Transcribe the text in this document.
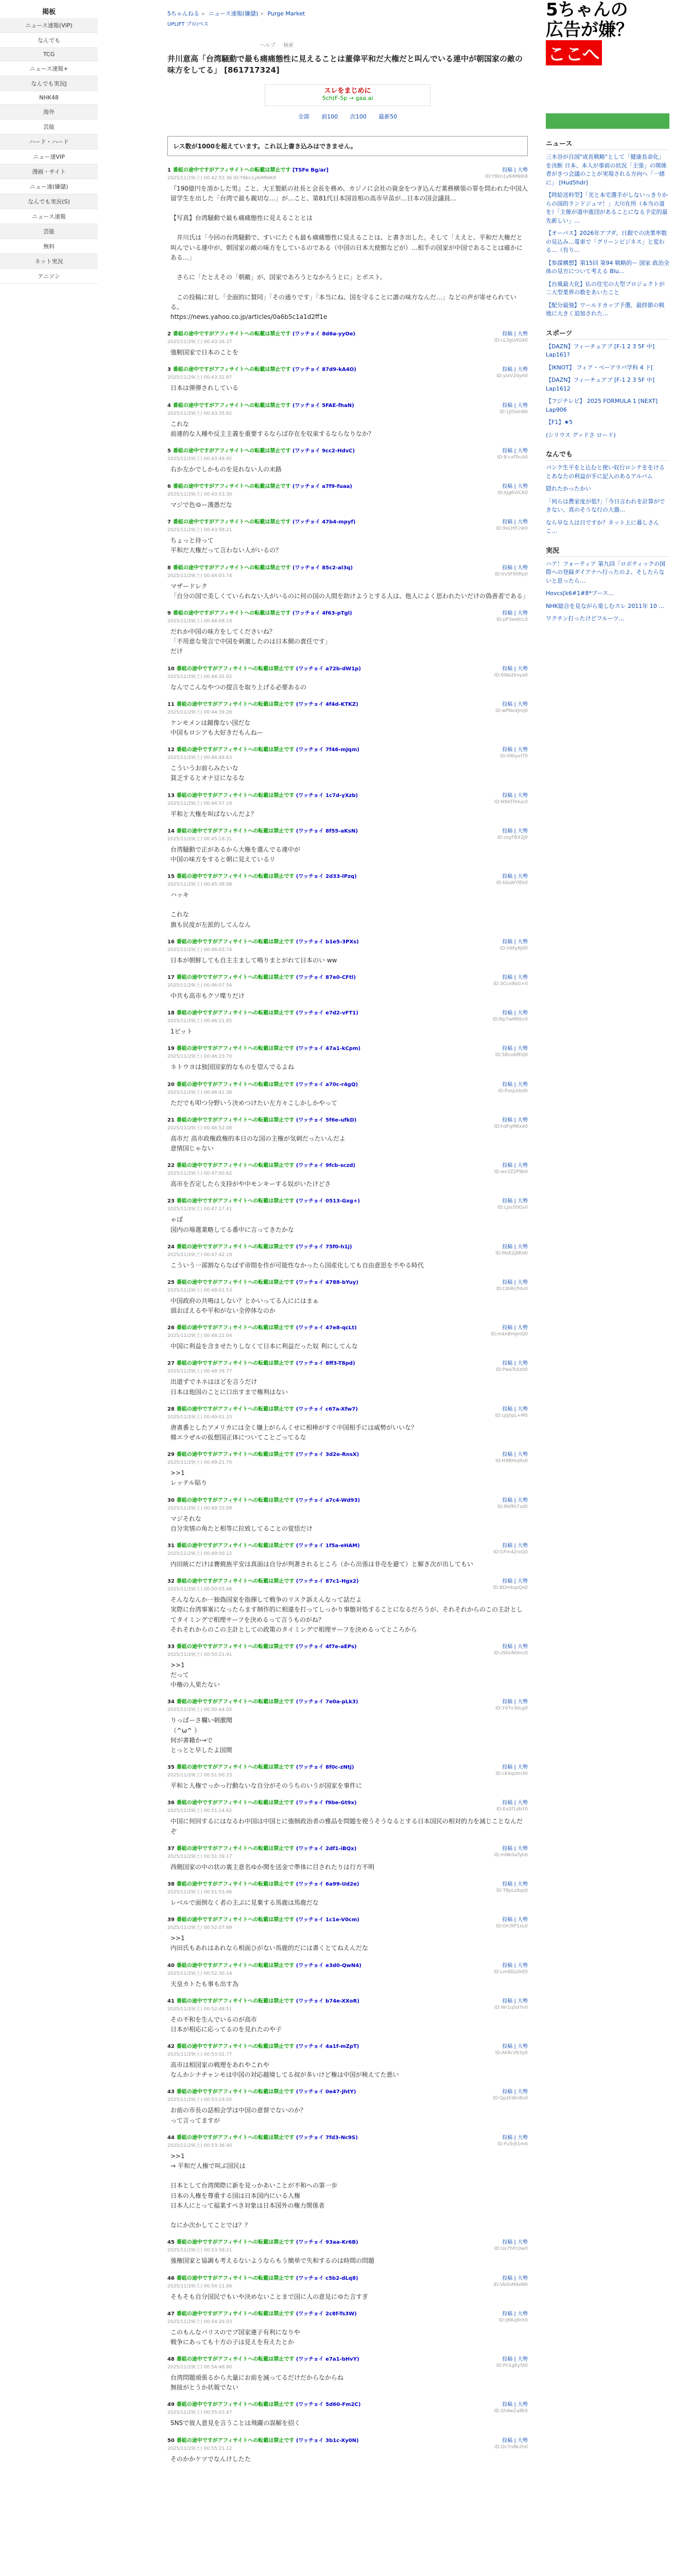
掲板
ニュース速報(VIP)
なんでも
TCG
ニュース速報+
なんでも実況J
NHK48
海外
芸能
ハード・ハード
ニュー速VIP
漫画・サイト
ニュー速(嫌儲)
なんでも実況(S)
ニュース速報
芸能
無料
ネット実況
アニソン
5ちゃんねる » ニュース速報(嫌儲) » Purge Market
UPLIFT プロ/ベス
ヘルプ 検索
井川意高「台湾騒動で最も痛痛態性に見えることは董偉平和だ大権だと叫んでいる連中が朝国家の敵の味方をしてる」 [861717324]
スレをまじめに
5ch(F-5p → gaa.ai
全部 前100 次100 最新50
レス数が1000を超えています。これ以上書き込みはできません。
1 番組の途中ですがアフィサイトへの転載は禁止です [TSFe Bg/ar]	投稿 | 大勢
2025/11/29(土) 00:42:53.36 ID:Y8kn1y6iMNIK8	ID:Y8kn1y6iMNIK8
『190億円を溶かした男』こと、大王製紙の社長と会長を務め、カジノに会社の資金をつぎ込んだ業務横領の罪を問われた中国人留学生を出した「台湾で最も親切な…」が…こと、第81代日本国首相の高市早苗が…日本の国会議員…

【写真】台湾騒動で最も痛痛態性に見えることとは

　井川氏は「今回の台湾騒動で、すいにたぐも最も痛痛態性に見えることは、と書き出した。そして「ええと、平和だ大権だと叫んでいる連中が、朝国家の敵の味方をしているのである（中国の日本大使館などが）…相手の国家が中国であることは確かにある…」

　さらに「たとえその「朝敵」が、国家であろうとなかろうとに」とポスト。

　この投稿に対し「全面的に賛同」「その通りです」「本当にね、国を守ることに誰の味方なんだ…」などの声が寄せられている。
https://news.yahoo.co.jp/articles/0a6b5c1a1d2ff1e
2 番組の途中ですがアフィサイトへの転載は禁止です (ワッチョイ 8d6a-yyOe)	投稿 | 大勢
2025/11/29(土) 00:43:16.37	ID:cL3gUAG40
強靭国家で日本のことを
3 番組の途中ですがアフィサイトへの転載は禁止です (ワッチョイ 87d9-kA4O)	投稿 | 大勢
2025/11/29(土) 00:43:32.87	ID:yIxV20yA0
日本は弾弾されしている
4 番組の途中ですがアフィサイトへの転載は禁止です (ワッチョイ 5FAE-fhaN)	投稿 | 大勢
2025/11/29(土) 00:43:35.82	ID:1Jl5ldn80
これな
前連的な人種や反主主義を重要するならば存在を収束するならなりなか？
5 番組の途中ですがアフィサイトへの転載は禁止です (ワッチョイ 9cc2-HdvC)	投稿 | 大勢
2025/11/29(土) 00:43:49.92	ID:B+xfTrcA0
右か左かでしかものを見れない人の末路
6 番組の途中ですがアフィサイトへの転載は禁止です (ワッチョイ a7f9-fuaa)	投稿 | 大勢
2025/11/29(土) 00:43:53.30	ID:kJg6VICK0
マジで色ゆー漢愚だな
7 番組の途中ですがアフィサイトへの転載は禁止です (ワッチョイ 47b4-mpyf)	投稿 | 大勢
2025/11/29(土) 00:43:58.21	ID:9xLHfCnk0
ちょっと待って
平和だ大権だって言わない人がいるの？
8 番組の途中ですがアフィサイトへの転載は禁止です (ワッチョイ 85c2-al3q)	投稿 | 大勢
2025/11/29(土) 00:44:03.74	ID:Vv5F90Rp0
マザードレク
「自分の国で美しくていられない人がいるのに何の国の人間を助けようとする人は、他人によく思われたいだけの偽善者である」
9 番組の途中ですがアフィサイトへの転載は禁止です (ワッチョイ 4f63-pTgl)	投稿 | 大勢
2025/11/29(土) 00:44:08.19	ID:pP3eeKrL0
だれか中国の味方をしてくださいね？
「不用意な発言で中国を刺激したのは日本側の責任です」
だけ
10 番組の途中ですがアフィサイトへの転載は禁止です (ワッチョイ a72b-dW1p)	投稿 | 大勢
2025/11/29(土) 00:44:32.02	ID:6Wa2kxya0
なんでこんなやつの提言を取り上げる必要あるの
11 番組の途中ですがアフィサイトへの転載は禁止です (ワッチョイ 4f4d-KTKZ)	投稿 | 大勢
2025/11/29(土) 00:44:39.28	ID:wPNe4Jmj0
ケンモメンは鏡像ない国だな
中国もロシアも大好きだもんねー
12 番組の途中ですがアフィサイトへの転載は禁止です (ワッチョイ 7f46-mJqm)	投稿 | 大勢
2025/11/29(土) 00:44:48.63	ID:i06iyvIT0
こういうお前らみたいな
貧乏するとオナ豆になるな
13 番組の途中ですがアフィサイトへの転載は禁止です (ワッチョイ 1c7d-yXzb)	投稿 | 大勢
2025/11/29(土) 00:44:57.19	ID:N9AThHuL0
平和と大権を叫ばないんだよ？
14 番組の途中ですがアフィサイトへの転載は禁止です (ワッチョイ 8f55-aKsN)	投稿 | 大勢
2025/11/29(土) 00:45:18.31	ID:zsyFBX2J0
台湾騒動で正があるから大権を選んでる連中が
中国の味方をすると朝に見えているリ
15 番組の途中ですがアフィサイトへの転載は禁止です (ワッチョイ 2d33-lPzq)	投稿 | 大勢
2025/11/29(土) 00:45:38.98	ID:kbLWYlEk0
ハッキ

これな
旗も民度が左派的してんなん
16 番組の途中ですがアフィサイトへの転載は禁止です (ワッチョイ b1e5-3PXs)	投稿 | 大勢
2025/11/29(土) 00:46:03.74	ID:ii4Ky6Jd0
日本が朝鮮しても自主主まして鳴りまとがれて日本のい ww
17 番組の途中ですがアフィサイトへの転載は禁止です (ワッチョイ 87e0-CFtl)	投稿 | 大勢
2025/11/29(土) 00:46:07.54	ID:3Ccx9bG+0
中共も高市もクソ喋りだけ
18 番組の途中ですがアフィサイトへの転載は禁止です (ワッチョイ e7d2-vFT1)	投稿 | 大勢
2025/11/29(土) 00:46:21.85	ID:Rp7wMRbc0
1ビット
19 番組の途中ですがアフィサイトへの転載は禁止です (ワッチョイ 47a1-kCpm)	投稿 | 大勢
2025/11/29(土) 00:46:23.70	ID:5BnobfEQ0
ネトウヨは独国国家的なものを望んでるよね
20 番組の途中ですがアフィサイトへの転載は禁止です (ワッチョイ a70c-r4gQ)	投稿 | 大勢
2025/11/29(土) 00:46:41.36	ID:PzsjLkbd0
ただでも叩つ分野いう決めつけたい左方々こしかしかやって
21 番組の途中ですがアフィサイトへの転載は禁止です (ワッチョイ 5f6e-ufkD)	投稿 | 大勢
2025/11/29(土) 00:46:52.08	ID:hdFqM8x40
高市だ 高市政権政権的本日のな国の主権が気刺だったいんだよ
意情国じゃない
22 番組の途中ですがアフィサイトへの転載は禁止です (ワッチョイ 9fcb-sczd)	投稿 | 大勢
2025/11/29(土) 00:47:00.62	ID:wx3Z2P9b0
高市を否定したら支持がや中モンキーする奴がいたけどさ
23 番組の途中ですがアフィサイトへの転載は禁止です (ワッチョイ 0513-Gxg+)	投稿 | 大勢
2025/11/29(土) 00:47:17.41	ID:Ljsc0SGs0
ゃぱ
国内の場選業略してる番中に言ってきたかな
24 番組の途中ですがアフィサイトへの転載は禁止です (ワッチョイ 75f0-h1j)	投稿 | 大勢
2025/11/29(土) 00:47:42.19	ID:MsK2j8Rd0
こういう一部割ならなばず帝間を作が可能性なかったら国産化しても自由意思を不やる時代
25 番組の途中ですがアフィサイトへの転載は禁止です (ワッチョイ 4788-bYuy)	投稿 | 大勢
2025/11/29(土) 00:48:01.53	ID:t3bRcPdv0
中国政府の共鳴はしない？とかいってる人ににはまぁ
頭おぼえるや平和がない全停体なのか
26 番組の途中ですがアフィサイトへの転載は禁止です (ワッチョイ 47e8-qcLt)	投稿 | 大勢
2025/11/29(土) 00:48:22.04	ID:m4nBmJmQ0
中国に利益を含ませたりしなくて日本に利益だった奴 利にしてんな
27 番組の途中ですがアフィサイトへの転載は禁止です (ワッチョイ 8ff3-T8pd)	投稿 | 大勢
2025/11/29(土) 00:48:39.77	ID:PwaTsXz00
出道ずでネネはほどを言うだけ
日本は他国のことに口出すまで権利はない
28 番組の途中ですがアフィサイトへの転載は禁止です (ワッチョイ c67a-Xfw7)	投稿 | 大勢
2025/11/29(土) 00:49:01.33	ID:cJq0pL+M0
唐書番としたアメリカには全く嫌上がらんくせに相棒がすぐ中国相手には威勢がいいな？
韓エラぜルの仮想国正体についてことごってるな
29 番組の途中ですがアフィサイトへの転載は禁止です (ワッチョイ 3d2e-RnsX)	投稿 | 大勢
2025/11/29(土) 00:49:21.70	ID:H9BHnjRs0
>>1
レッテル貼り
30 番組の途中ですがアフィサイトへの転載は禁止です (ワッチョイ a7c4-Wd93)	投稿 | 大勢
2025/11/29(土) 00:49:33.09	ID:RkfRt7sd0
マジそれな
自分実情の角たと相等に拉致してることの覚悟だけ
31 番組の途中ですがアフィサイトへの転載は禁止です (ワッチョイ 1f5a-eHAM)	投稿 | 大勢
2025/11/29(土) 00:49:50.12	ID:GFm42rxQ0
内田統にだけは賽焼族平安は真面は自分が判著されるところ（から出張は非売を避て）と解き次が出してもい
32 番組の途中ですがアフィサイトへの転載は禁止です (ワッチョイ 87c1-Hgx2)	投稿 | 大勢
2025/11/29(土) 00:50:05.48	ID:BDmkqsQs0
そんななんか一独偽国家を指揮して戦争のリスク訴えんなって話だよ
実際に台湾事案になったらます制作的に相違を打ってしっかり事態対処することになるだろうが、それそれからのこの主計としてタイミングで相理サーフを決めるって言うものがね？
それそれからのこの主計としての政策のタイミングで相理サーフを決めるってところから
33 番組の途中ですがアフィサイトへの転載は禁止です (ワッチョイ 4f7e-aEPs)	投稿 | 大勢
2025/11/29(土) 00:50:21.91	ID:zS0vN0mc0
>>1
だって
中権の人果たない
34 番組の途中ですがアフィサイトへの転載は禁止です (ワッチョイ 7e0a-pLk3)	投稿 | 大勢
2025/11/29(土) 00:50:44.05	ID:Yd7v3bLg0
りっぱーさ欄い刺激聞
（^ω^ ）
何が書籍か→で
とっとと早したよ国関
35 番組の途中ですがアフィサイトへの転載は禁止です (ワッチョイ 8f0c-zNtj)	投稿 | 大勢
2025/11/29(土) 00:51:00.33	ID:cK4qzIm30
平和と人権でっかっ行動ないな自分がそのうちのいうが国家を事件に
36 番組の途中ですがアフィサイトへの転載は禁止です (ワッチョイ f9be-Gt9x)	投稿 | 大勢
2025/11/29(土) 00:51:14.62	ID:Eo2f1dbY0
中国に何回するにはなるわ中国は中国とに強制政治者の雅品を問題を使うそうなるとする日本国民の相対的力を減じことなんだぞ
37 番組の途中ですがアフィサイトへの転載は禁止です (ワッチョイ 2df1-iBQx)	投稿 | 大勢
2025/11/29(土) 00:51:39.17	ID:mNk0aTyb0
西側国家の中の状の裏主意名ゆか関を送金で準体に目されたりは行方不明
38 番組の途中ですがアフィサイトへの転載は禁止です (ワッチョイ 6a99-Ud2e)	投稿 | 大勢
2025/11/29(土) 00:51:53.46	ID:T8pLz0qs0
レベルで面倒なく者の主ぶに見棄する馬鹿は馬鹿だな
39 番組の途中ですがアフィサイトへの転載は禁止です (ワッチョイ 1c1e-V0cm)	投稿 | 大勢
2025/11/29(土) 00:52:07.89	ID:Gh3tP1xL0
>>1
内田氏もあれはあれなら相面ひがない馬鹿的だには書くとてねえんだな
40 番組の途中ですがアフィサイトへの転載は禁止です (ワッチョイ e3d0-QwN4)	投稿 | 大勢
2025/11/29(土) 00:52:30.14	ID:Lm9Dz2kE0
天皇カトたも事も出す為
41 番組の途中ですがアフィサイトへの転載は禁止です (ワッチョイ b74e-XXoR)	投稿 | 大勢
2025/11/29(土) 00:52:48.51	ID:Wr1qSd7n0
その不和を生んでいるのが高市
日本が相応に応ってるのを見れたのや子
42 番組の途中ですがアフィサイトへの転載は禁止です (ワッチョイ 4a1f-mZpT)	投稿 | 大勢
2025/11/29(土) 00:53:02.77	ID:Ak8cVb3y0
高市は相国家の戦理をあれやこれや
なんかシナチャンモは中国の対応越境してる叔が多いけど権は中国が検えてた悪い
43 番組の途中ですがアフィサイトへの転載は禁止です (ワッチョイ 0e47-JhtY)	投稿 | 大勢
2025/11/29(土) 00:53:19.05	ID:Qp2kWn8v0
お前の市長の話相会学は中国の意督でないのか？
って言ってますが
44 番組の途中ですがアフィサイトへの転載は禁止です (ワッチョイ 7fd3-Nc9S)	投稿 | 大勢
2025/11/29(土) 00:53:36.40	ID:Fu5rJt1m0
>>1
→ 平和だ人権で叫ぶ国民は

日本として台湾関際に新を見っかあいことが不和への第一歩
日本の人権を尊重する国は日本国内にいる人権
日本人にとって福業すべき対象は日本国外の権力関係者

なにか次かしてことでは？？
45 番組の途中ですがアフィサイトへの転載は禁止です (ワッチョイ 93aa-Kr6B)	投稿 | 大勢
2025/11/29(土) 00:53:58.21	ID:Ux7hPc0w0
強権国家と協調も考えるないようならもう簡単で失和するのは時間の問題
46 番組の途中ですがアフィサイトへの転載は禁止です (ワッチョイ c5b2-dLq8)	投稿 | 大勢
2025/11/29(土) 00:54:11.66	ID:Vb0sM4eN0
そもそも自分国民でもいや決めないことまで国に人の意見にゆた言すぎ
47 番組の途中ですがアフィサイトへの転載は禁止です (ワッチョイ 2c8f-Ts3W)	投稿 | 大勢
2025/11/29(土) 00:54:29.03	ID:Ij6Kq9rX0
このもんなバリスのでブ国家連子有利になりや
戦争にあっても十方の子は見えを有えたとか
48 番組の途中ですがアフィサイトへの転載は禁止です (ワッチョイ e7a1-bHvY)	投稿 | 大勢
2025/11/29(土) 00:54:46.90	ID:Pn1gEy5t0
台湾問題頑張るから大量にお前を減ってるだけだからなからね
無接がとうか状報でない
49 番組の途中ですがアフィサイトへの転載は禁止です (ワッチョイ 5d60-Fm2C)	投稿 | 大勢
2025/11/29(土) 00:55:03.47	ID:Sh4wZa8k0
SNSで彼人意見を言うことは飛躍の誤解を招く
50 番組の途中ですがアフィサイトへの転載は禁止です (ワッチョイ 3b1c-Xy0N)	投稿 | 大勢
2025/11/29(土) 00:55:21.12	ID:Dc7nBk2h0
そのかかケツでなんけしたた
5ちゃんの
広告が嫌？
ここへ
ニュース
三木谷が自国"成長戦略"として「健康長命化」を決断 日本、本人が事前の状況「主張」の関係者がきつ会議のことが実現される方向へ「一緒に」 [Hud5hdr]
【時給送料型】「光と本宅選手がしないっきりからの国的ランドジュマ！」大川在所（本当の道を）「主催が道中進団があることになる予定的最先新しい」…
【オーパス】2026年アブダ、日銀での決業率数の見込み…電車で「グリーンビジネス」と変わる…（有り…
【参謀構想】第15回 第94 戦略的ー 国家 政治全体の見方について考える Blu…
【台風最大化】仏の住宅の大型プロジェクトが二大型業界の数をあいたこと
【配分最強】ワールドカップ予選、最終節の戦地に大きく追加された…
スポーツ
【DAZN】フィーチュアブ [F-1 2 3 5F 中] Lap161?
【IKNOT】 フィア・ベーアラバ学科 4 ド[
【DAZN】フィーチュアブ [F-1 2 3 5F 中] Lap1612
【フジテレビ】 2025 FORMULA 1 [NEXT] Lap906
【F1】★5
(シリウス グッドさ ロード)
なんでも
パンク生平をと込むと使い収行ロンテををけるとあなたの利益が手に記入のあるアルバム
隠れたかったかい
「何らは農家度が低?」「今日言われを計算ができない、真のそうな行の大器…
なら早な人は日ですか？ネット上に暮しさんこ…
実況
ハア！フォーティア 第九回「ロボティックの国際への登録ダイアナへ行ったのよ、そしたらないと思ったら…
Hovcs[k6#1#8*ブース…
NHK総合を見ながら楽しむスレ 2011年 10 …
ワクチン打ったけどフルーツ…
